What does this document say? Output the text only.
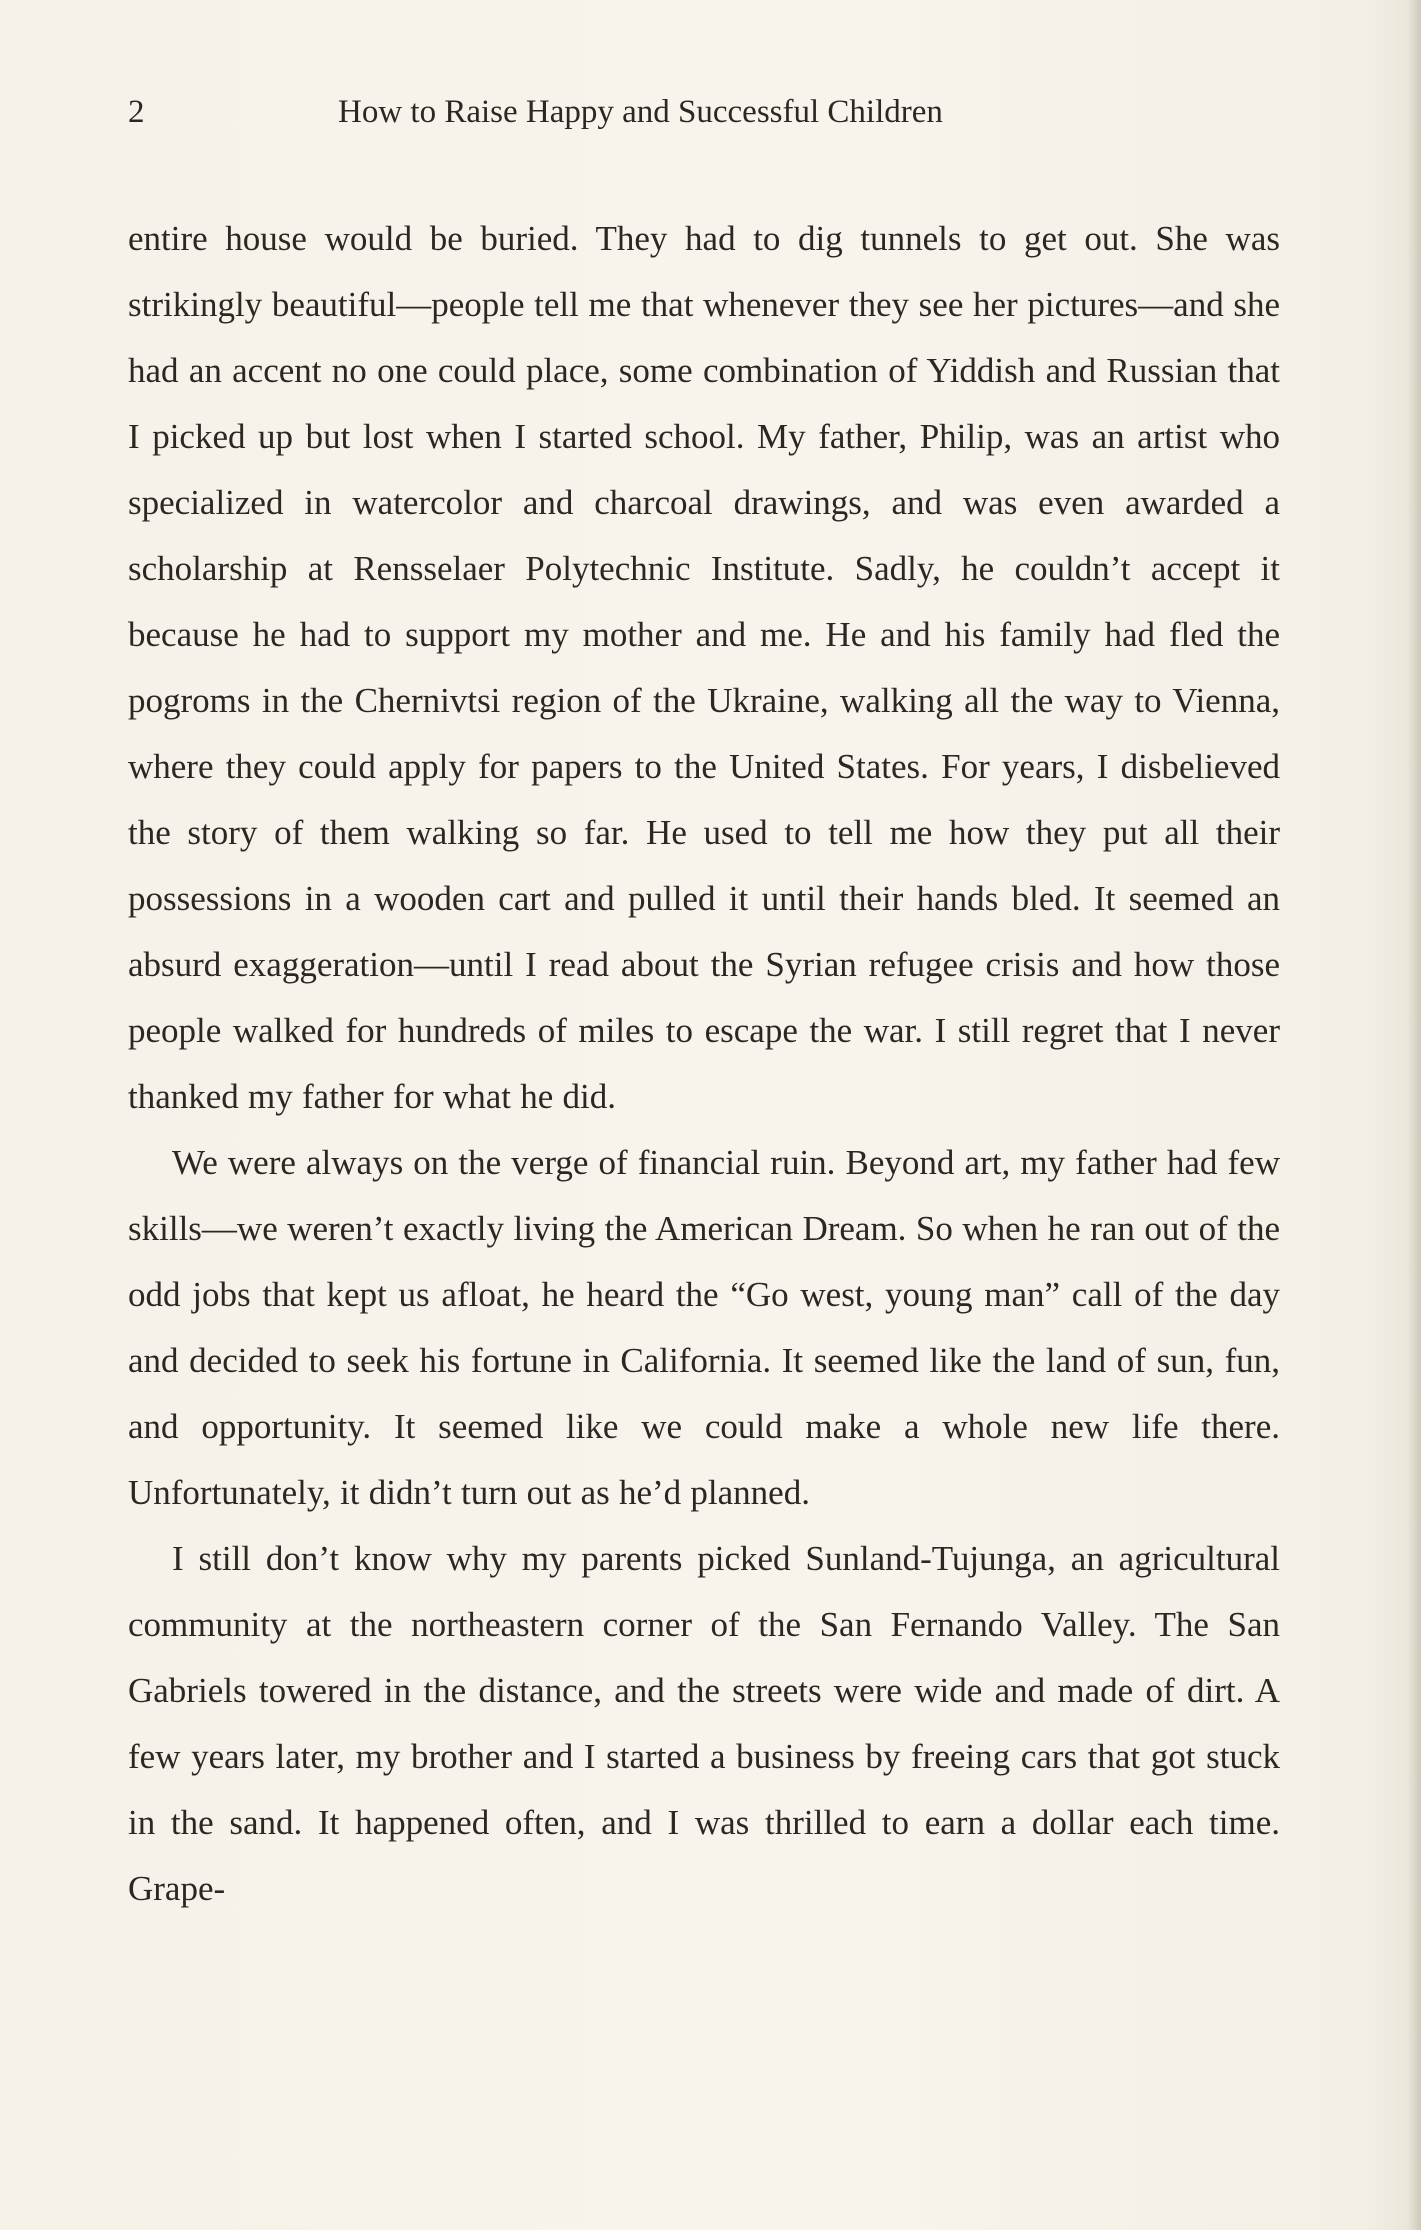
2	How to Raise Happy and Successful Children

entire house would be buried. They had to dig tunnels to get out. She was strikingly beautiful—people tell me that whenever they see her pictures—and she had an accent no one could place, some combination of Yiddish and Russian that I picked up but lost when I started school. My father, Philip, was an artist who specialized in watercolor and charcoal drawings, and was even awarded a scholarship at Rensselaer Polytechnic Institute. Sadly, he couldn’t accept it because he had to support my mother and me. He and his family had fled the pogroms in the Chernivtsi region of the Ukraine, walking all the way to Vienna, where they could apply for papers to the United States. For years, I disbelieved the story of them walking so far. He used to tell me how they put all their possessions in a wooden cart and pulled it until their hands bled. It seemed an absurd exaggeration—until I read about the Syrian refugee crisis and how those people walked for hundreds of miles to escape the war. I still regret that I never thanked my father for what he did.

We were always on the verge of financial ruin. Beyond art, my father had few skills—we weren’t exactly living the American Dream. So when he ran out of the odd jobs that kept us afloat, he heard the “Go west, young man” call of the day and decided to seek his fortune in California. It seemed like the land of sun, fun, and opportunity. It seemed like we could make a whole new life there. Unfortunately, it didn’t turn out as he’d planned.

I still don’t know why my parents picked Sunland-Tujunga, an agricultural community at the northeastern corner of the San Fernando Valley. The San Gabriels towered in the distance, and the streets were wide and made of dirt. A few years later, my brother and I started a business by freeing cars that got stuck in the sand. It happened often, and I was thrilled to earn a dollar each time. Grape-
